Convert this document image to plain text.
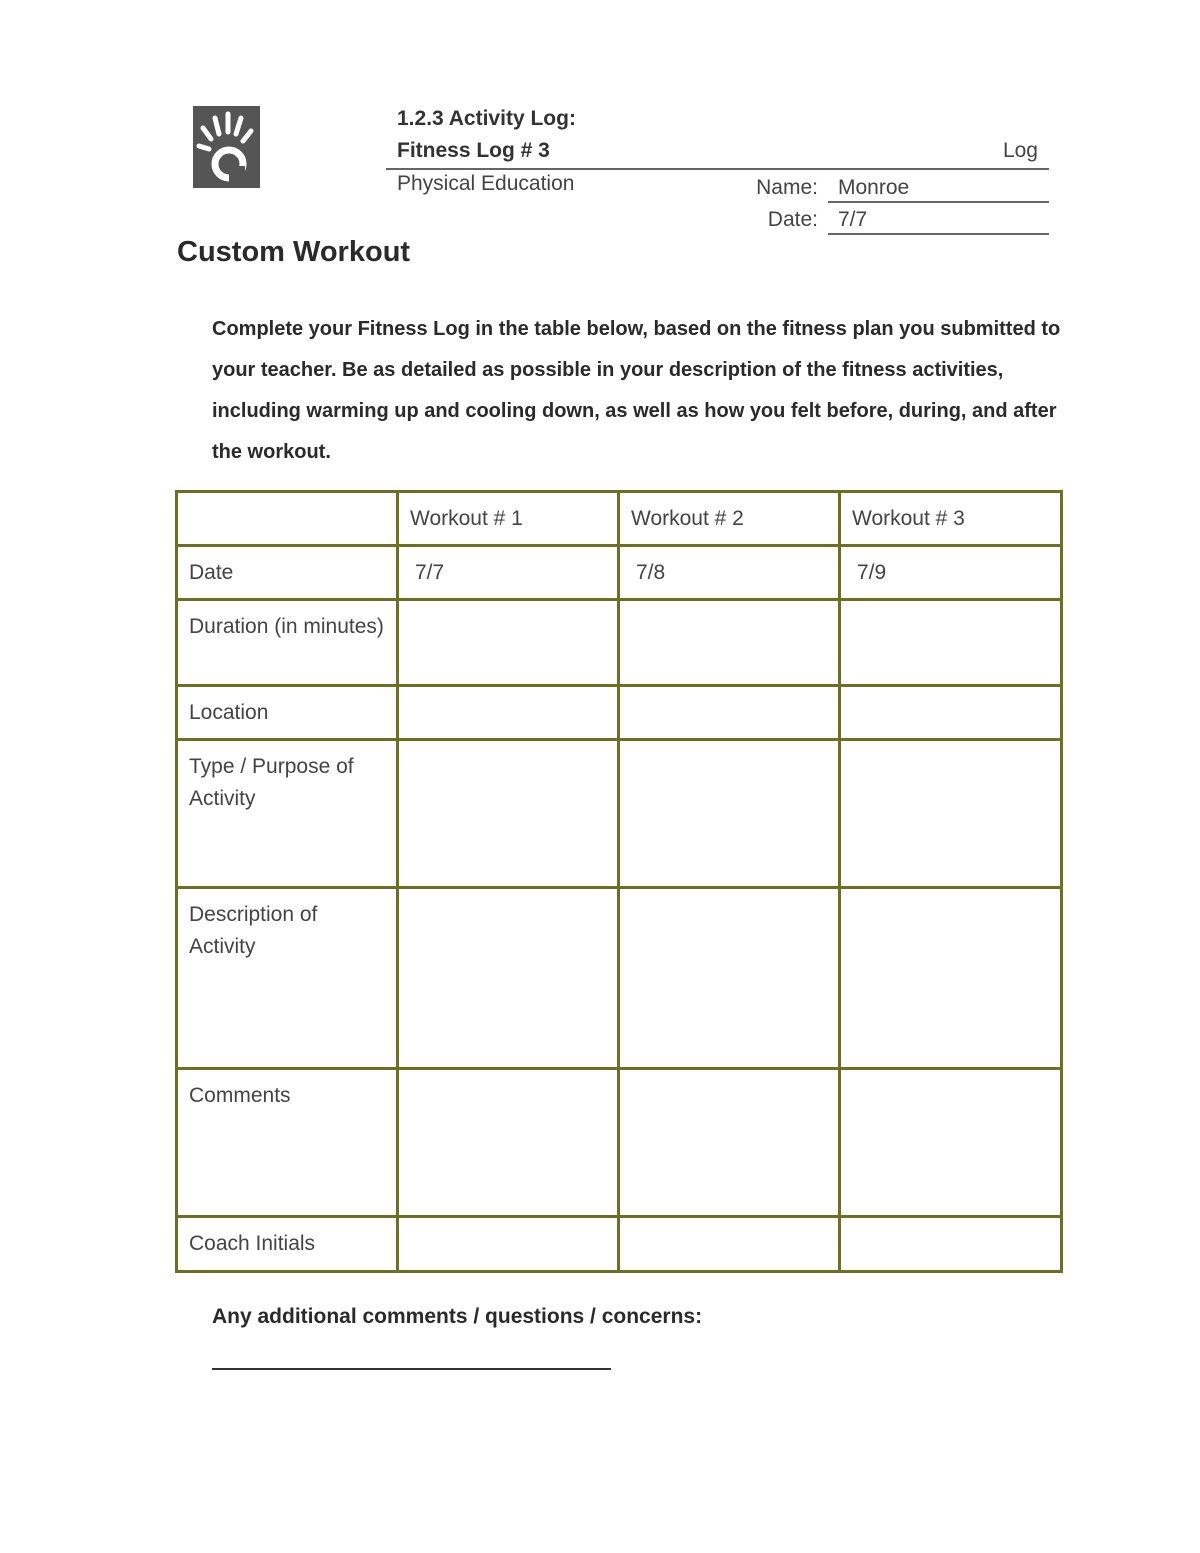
1.2.3 Activity Log:
Fitness Log # 3	Log
Physical Education	Name: Monroe
Date: 7/7
Custom Workout
Complete your Fitness Log in the table below, based on the fitness plan you submitted to your teacher. Be as detailed as possible in your description of the fitness activities, including warming up and cooling down, as well as how you felt before, during, and after the workout.
	Workout # 1	Workout # 2	Workout # 3
Date	7/7	7/8	7/9
Duration (in minutes)			
Location			
Type / Purpose of Activity			
Description of Activity			
Comments			
Coach Initials			
Any additional comments / questions / concerns:
